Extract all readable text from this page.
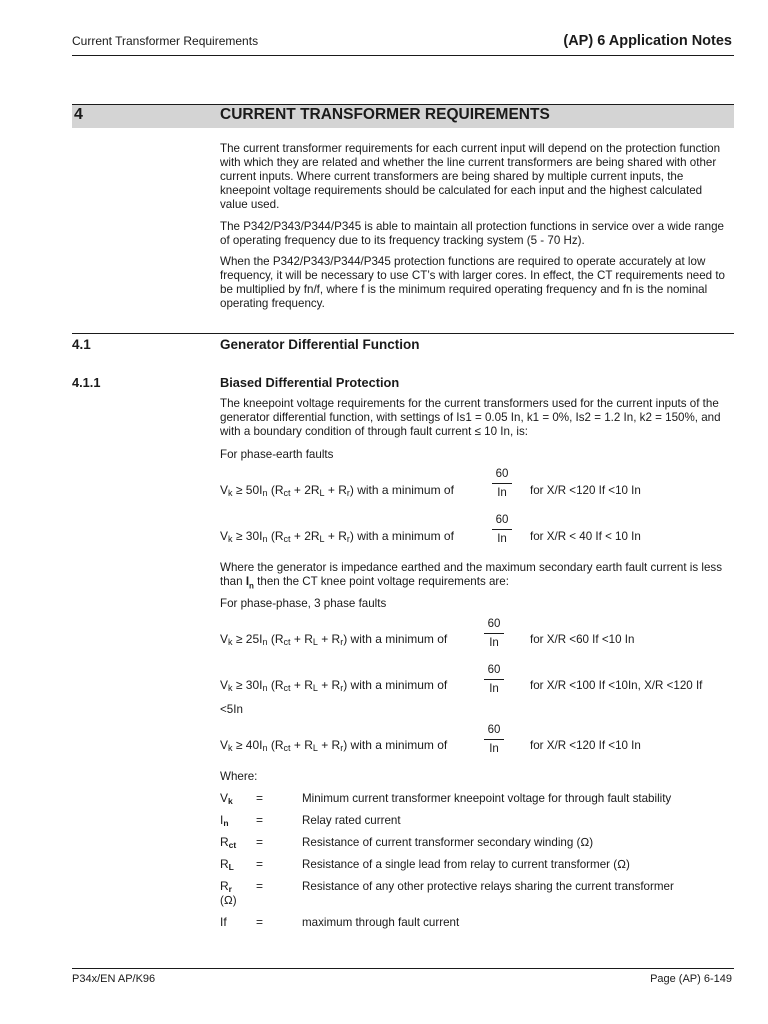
Current Transformer Requirements	(AP) 6 Application Notes
4	CURRENT TRANSFORMER REQUIREMENTS

The current transformer requirements for each current input will depend on the protection function with which they are related and whether the line current transformers are being shared with other current inputs. Where current transformers are being shared by multiple current inputs, the kneepoint voltage requirements should be calculated for each input and the highest calculated value used.

The P342/P343/P344/P345 is able to maintain all protection functions in service over a wide range of operating frequency due to its frequency tracking system (5 - 70 Hz).

When the P342/P343/P344/P345 protection functions are required to operate accurately at low frequency, it will be necessary to use CT’s with larger cores. In effect, the CT requirements need to be multiplied by fn/f, where f is the minimum required operating frequency and fn is the nominal operating frequency.

4.1	Generator Differential Function
4.1.1	Biased Differential Protection

The kneepoint voltage requirements for the current transformers used for the current inputs of the generator differential function, with settings of Is1 = 0.05 In, k1 = 0%, Is2 = 1.2 In, k2 = 150%, and with a boundary condition of through fault current ≤ 10 In, is:

For phase-earth faults
$V_k \ge 50I_n$ $(R_{ct} + 2R_L + R_r)$ with a minimum of
60
In	for X/R <120 If <10 In
$V_k \ge 30I_n$ $(R_{ct} + 2R_L + R_r)$ with a minimum of
60
In	for X/R < 40 If < 10 In

Where the generator is impedance earthed and the maximum secondary earth fault current is less than $I_n$ then the CT knee point voltage requirements are:

For phase-phase, 3 phase faults
$V_k \ge 25I_n$ $(R_{ct} + R_L + R_r)$ with a minimum of
60
In	for X/R <60 If <10 In
$V_k \ge 30I_n$ $(R_{ct} + R_L + R_r)$ with a minimum of
60
In	for X/R <100 If <10In, X/R <120 If
<5In
$V_k \ge 40I_n$ $(R_{ct} + R_L + R_r)$ with a minimum of
60
In	for X/R <120 If <10 In
Where:
$V_k$ =	Minimum current transformer kneepoint voltage for through fault stability
$I_n$ =	Relay rated current
$R_{ct}$ =	Resistance of current transformer secondary winding (Ω)
$R_L$ =	Resistance of a single lead from relay to current transformer (Ω)
$R_r$ =	Resistance of any other protective relays sharing the current transformer
(Ω)
If =	maximum through fault current
P34x/EN AP/K96	Page (AP) 6-149
